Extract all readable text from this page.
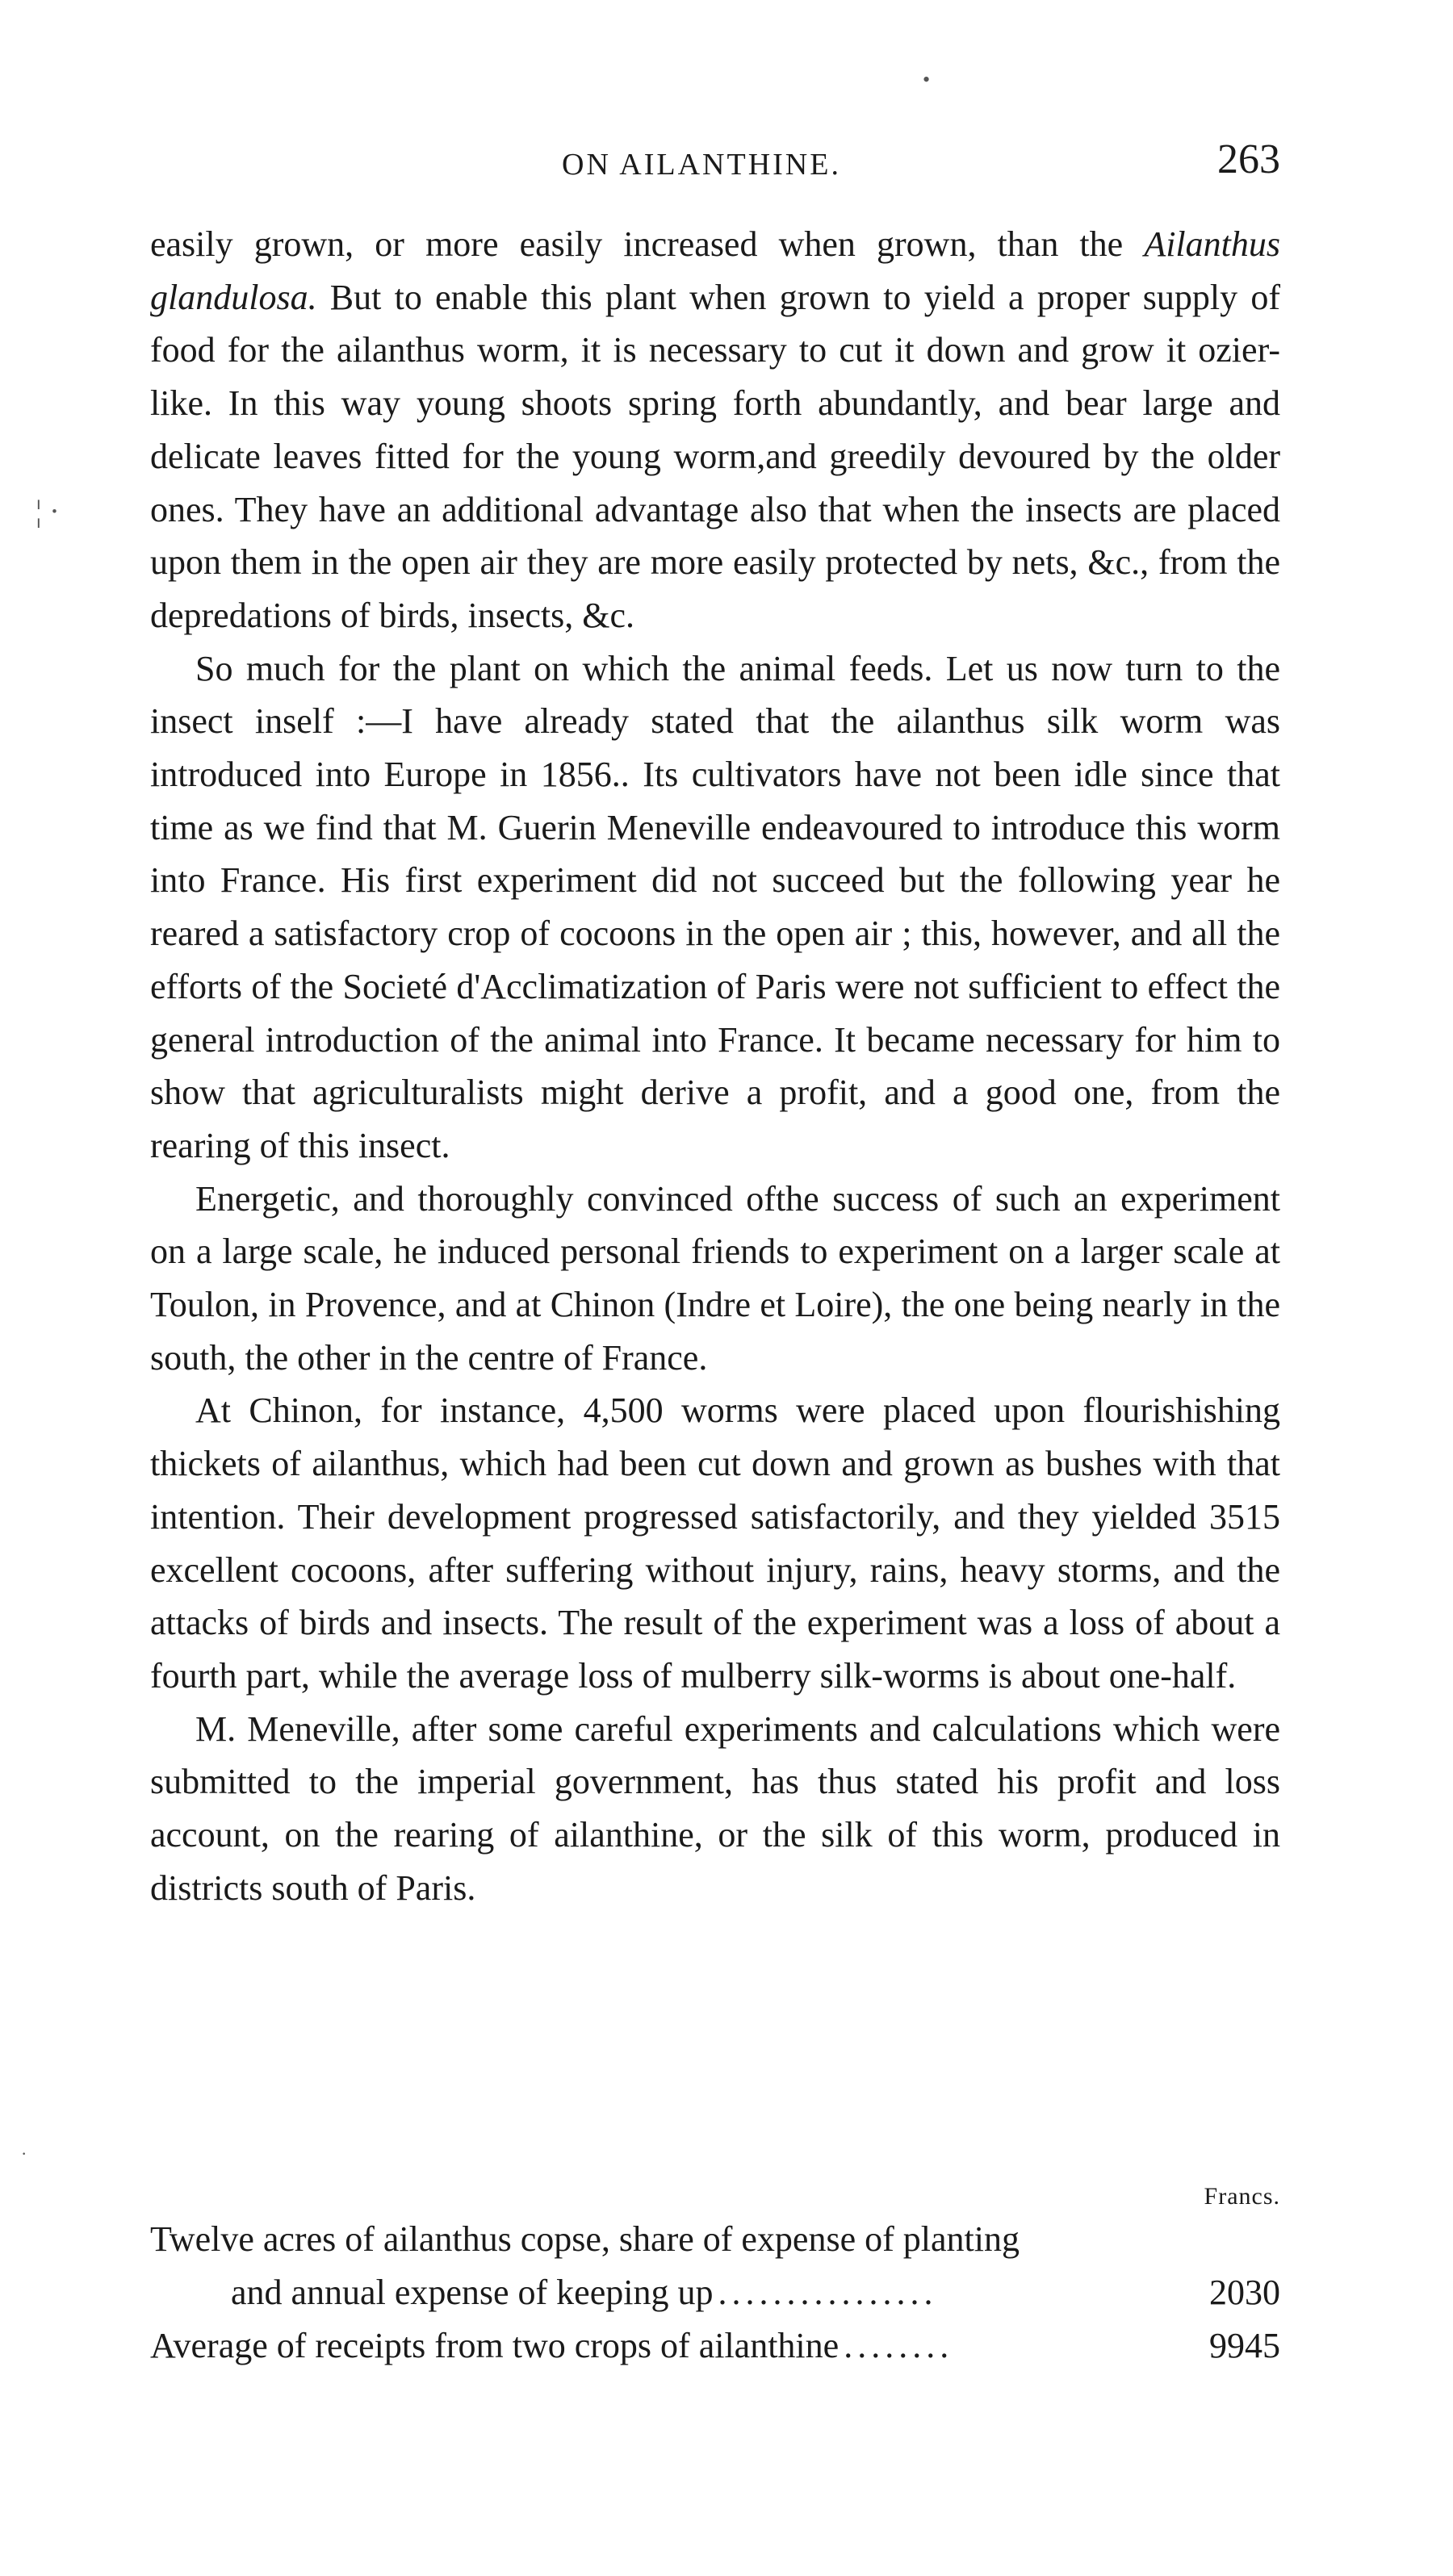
•
¦ ·
·
ON AILANTHINE.	263

easily grown, or more easily increased when grown, than the Ailanthus glandulosa. But to enable this plant when grown to yield a proper supply of food for the ailanthus worm, it is necessary to cut it down and grow it ozier-like. In this way young shoots spring forth abundantly, and bear large and delicate leaves fitted for the young worm,and greedily devoured by the older ones. They have an additional advantage also that when the insects are placed upon them in the open air they are more easily protected by nets, &c., from the depredations of birds, insects, &c.

So much for the plant on which the animal feeds. Let us now turn to the insect inself :—I have already stated that the ailanthus silk worm was introduced into Europe in 1856.. Its cultivators have not been idle since that time as we find that M. Guerin Meneville endeavoured to introduce this worm into France. His first experiment did not succeed but the following year he reared a satisfactory crop of cocoons in the open air ; this, however, and all the efforts of the Societé d'Acclimatization of Paris were not sufficient to effect the general introduction of the animal into France. It became necessary for him to show that agriculturalists might derive a profit, and a good one, from the rearing of this insect.

Energetic, and thoroughly convinced ofthe success of such an experiment on a large scale, he induced personal friends to experiment on a larger scale at Toulon, in Provence, and at Chinon (Indre et Loire), the one being nearly in the south, the other in the centre of France.

At Chinon, for instance, 4,500 worms were placed upon flourishishing thickets of ailanthus, which had been cut down and grown as bushes with that intention. Their development progressed satisfactorily, and they yielded 3515 excellent cocoons, after suffering without injury, rains, heavy storms, and the attacks of birds and insects. The result of the experiment was a loss of about a fourth part, while the average loss of mulberry silk-worms is about one-half.

M. Meneville, after some careful experiments and calculations which were submitted to the imperial government, has thus stated his profit and loss account, on the rearing of ailanthine, or the silk of this worm, produced in districts south of Paris.

Francs.
Twelve acres of ailanthus copse, share of expense of planting
and annual expense of keeping up ................	2030
Average of receipts from two crops of ailanthine ........	9945
